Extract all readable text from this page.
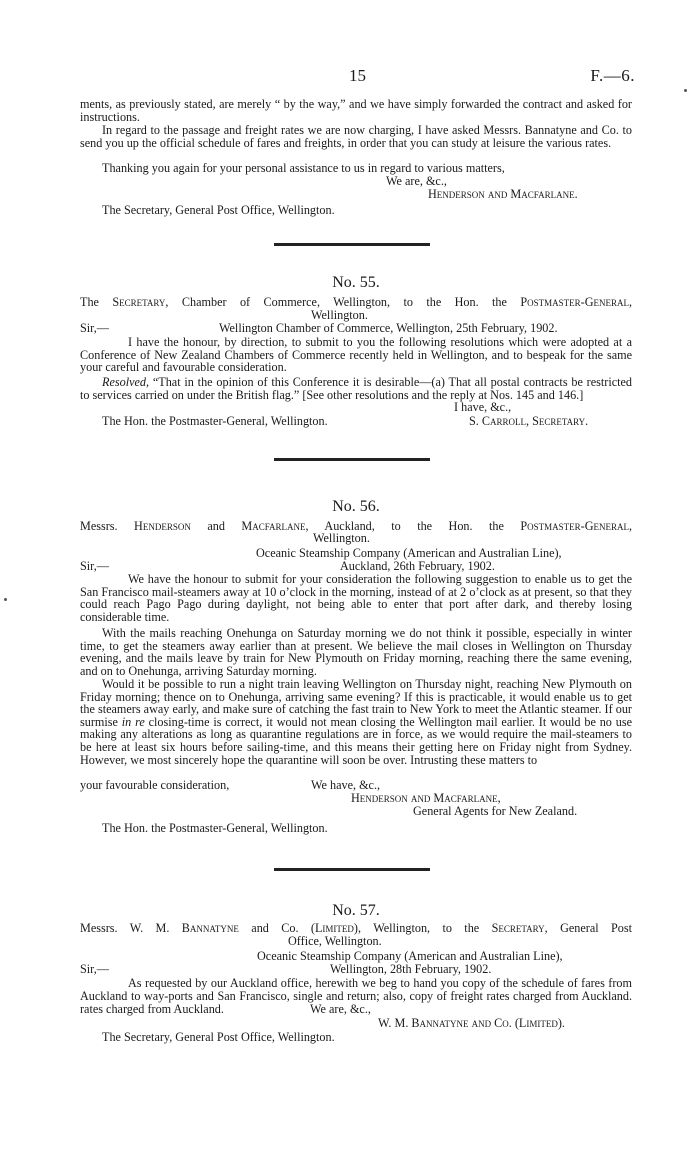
15	F.—6.

ments, as previously stated, are merely “ by the way,” and we have simply forwarded the contract and asked for instructions.

In regard to the passage and freight rates we are now charging, I have asked Messrs. Bannatyne and Co. to send you up the official schedule of fares and freights, in order that you can study at leisure the various rates.

Thanking you again for your personal assistance to us in regard to various matters,
We are, &c.,
Henderson and Macfarlane.
The Secretary, General Post Office, Wellington.
No. 55.
The Secretary, Chamber of Commerce, Wellington, to the Hon. the Postmaster-General,
Wellington.
Sir,—	Wellington Chamber of Commerce, Wellington, 25th February, 1902.

I have the honour, by direction, to submit to you the following resolutions which were adopted at a Conference of New Zealand Chambers of Commerce recently held in Wellington, and to bespeak for the same your careful and favourable consideration.

Resolved, “That in the opinion of this Conference it is desirable—(a) That all postal contracts be restricted to services carried on under the British flag.” [See other resolutions and the reply at Nos. 145 and 146.]

I have, &c.,
The Hon. the Postmaster-General, Wellington.	S. Carroll, Secretary.
No. 56.
Messrs. Henderson and Macfarlane, Auckland, to the Hon. the Postmaster-General,
Wellington.
Oceanic Steamship Company (American and Australian Line),
Sir,—	Auckland, 26th February, 1902.

We have the honour to submit for your consideration the following suggestion to enable us to get the San Francisco mail-steamers away at 10 o’clock in the morning, instead of at 2 o’clock as at present, so that they could reach Pago Pago during daylight, not being able to enter that port after dark, and thereby losing considerable time.

With the mails reaching Onehunga on Saturday morning we do not think it possible, especially in winter time, to get the steamers away earlier than at present. We believe the mail closes in Wellington on Thursday evening, and the mails leave by train for New Plymouth on Friday morning, reaching there the same evening, and on to Onehunga, arriving Saturday morning.

Would it be possible to run a night train leaving Wellington on Thursday night, reaching New Plymouth on Friday morning; thence on to Onehunga, arriving same evening? If this is practicable, it would enable us to get the steamers away early, and make sure of catching the fast train to New York to meet the Atlantic steamer. If our surmise in re closing-time is correct, it would not mean closing the Wellington mail earlier. It would be no use making any alterations as long as quarantine regulations are in force, as we would require the mail-steamers to be here at least six hours before sailing-time, and this means their getting here on Friday night from Sydney. However, we most sincerely hope the quarantine will soon be over. Intrusting these matters to

your favourable consideration,	We have, &c.,
Henderson and Macfarlane,
General Agents for New Zealand.
The Hon. the Postmaster-General, Wellington.
No. 57.
Messrs. W. M. Bannatyne and Co. (Limited), Wellington, to the Secretary, General Post
Office, Wellington.
Oceanic Steamship Company (American and Australian Line),
Sir,—	Wellington, 28th February, 1902.

As requested by our Auckland office, herewith we beg to hand you copy of the schedule of fares from Auckland to way-ports and San Francisco, single and return; also, copy of freight rates charged from Auckland.

rates charged from Auckland.	We are, &c.,
W. M. Bannatyne and Co. (Limited).
The Secretary, General Post Office, Wellington.
